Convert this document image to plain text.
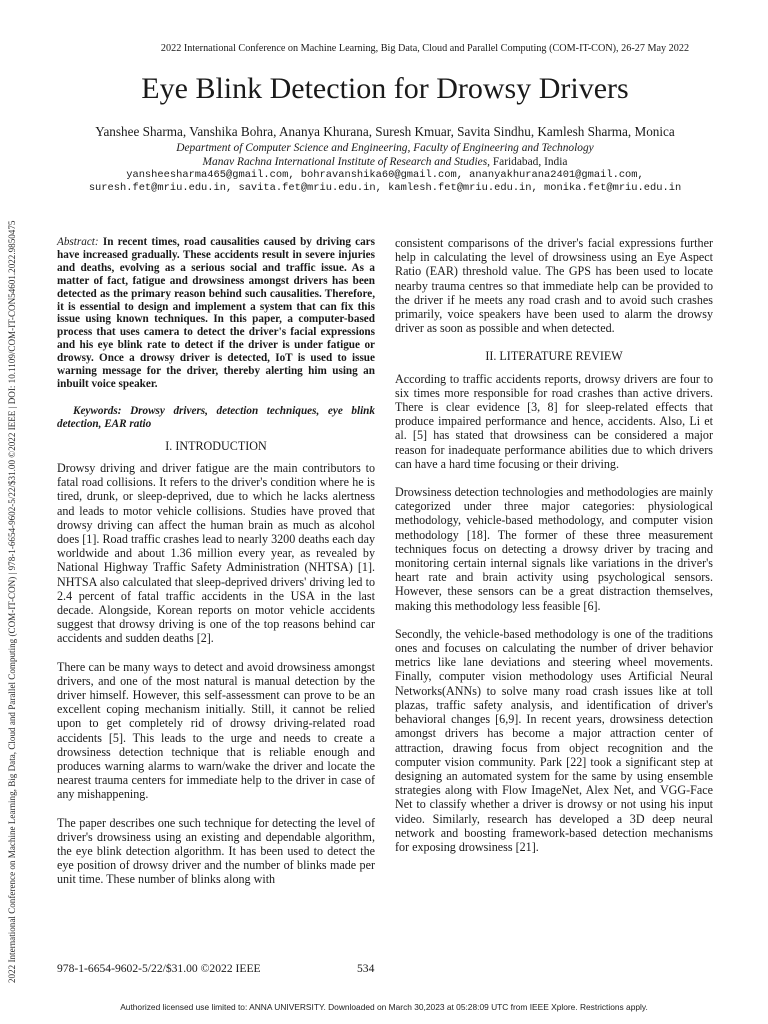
2022 International Conference on Machine Learning, Big Data, Cloud and Parallel Computing (COM-IT-CON), 26-27 May 2022
2022 International Conference on Machine Learning, Big Data, Cloud and Parallel Computing (COM-IT-CON) | 978-1-6654-9602-5/22/$31.00 ©2022 IEEE | DOI: 10.1109/COM-IT-CON54601.2022.9850475
Eye Blink Detection for Drowsy Drivers
Yanshee Sharma, Vanshika Bohra, Ananya Khurana, Suresh Kmuar, Savita Sindhu, Kamlesh Sharma, Monica
Department of Computer Science and Engineering, Faculty of Engineering and Technology
Manav Rachna International Institute of Research and Studies, Faridabad, India
yansheesharma465@gmail.com, bohravanshika60@gmail.com, ananyakhurana2401@gmail.com,
suresh.fet@mriu.edu.in, savita.fet@mriu.edu.in, kamlesh.fet@mriu.edu.in, monika.fet@mriu.edu.in

Abstract: In recent times, road causalities caused by driving cars have increased gradually. These accidents result in severe injuries and deaths, evolving as a serious social and traffic issue. As a matter of fact, fatigue and drowsiness amongst drivers has been detected as the primary reason behind such causalities. Therefore, it is essential to design and implement a system that can fix this issue using known techniques. In this paper, a computer-based process that uses camera to detect the driver's facial expressions and his eye blink rate to detect if the driver is under fatigue or drowsy. Once a drowsy driver is detected, IoT is used to issue warning message for the driver, thereby alerting him using an inbuilt voice speaker.

Keywords: Drowsy drivers, detection techniques, eye blink detection, EAR ratio

I. INTRODUCTION

Drowsy driving and driver fatigue are the main contributors to fatal road collisions. It refers to the driver's condition where he is tired, drunk, or sleep-deprived, due to which he lacks alertness and leads to motor vehicle collisions. Studies have proved that drowsy driving can affect the human brain as much as alcohol does [1]. Road traffic crashes lead to nearly 3200 deaths each day worldwide and about 1.36 million every year, as revealed by National Highway Traffic Safety Administration (NHTSA) [1]. NHTSA also calculated that sleep-deprived drivers' driving led to 2.4 percent of fatal traffic accidents in the USA in the last decade. Alongside, Korean reports on motor vehicle accidents suggest that drowsy driving is one of the top reasons behind car accidents and sudden deaths [2].

There can be many ways to detect and avoid drowsiness amongst drivers, and one of the most natural is manual detection by the driver himself. However, this self-assessment can prove to be an excellent coping mechanism initially. Still, it cannot be relied upon to get completely rid of drowsy driving-related road accidents [5]. This leads to the urge and needs to create a drowsiness detection technique that is reliable enough and produces warning alarms to warn/wake the driver and locate the nearest trauma centers for immediate help to the driver in case of any mishappening.

The paper describes one such technique for detecting the level of driver's drowsiness using an existing and dependable algorithm, the eye blink detection algorithm. It has been used to detect the eye position of drowsy driver and the number of blinks made per unit time. These number of blinks along with

consistent comparisons of the driver's facial expressions further help in calculating the level of drowsiness using an Eye Aspect Ratio (EAR) threshold value. The GPS has been used to locate nearby trauma centres so that immediate help can be provided to the driver if he meets any road crash and to avoid such crashes primarily, voice speakers have been used to alarm the drowsy driver as soon as possible and when detected.

II. LITERATURE REVIEW

According to traffic accidents reports, drowsy drivers are four to six times more responsible for road crashes than active drivers. There is clear evidence [3, 8] for sleep-related effects that produce impaired performance and hence, accidents. Also, Li et al. [5] has stated that drowsiness can be considered a major reason for inadequate performance abilities due to which drivers can have a hard time focusing or their driving.

Drowsiness detection technologies and methodologies are mainly categorized under three major categories: physiological methodology, vehicle-based methodology, and computer vision methodology [18]. The former of these three measurement techniques focus on detecting a drowsy driver by tracing and monitoring certain internal signals like variations in the driver's heart rate and brain activity using psychological sensors. However, these sensors can be a great distraction themselves, making this methodology less feasible [6].

Secondly, the vehicle-based methodology is one of the traditions ones and focuses on calculating the number of driver behavior metrics like lane deviations and steering wheel movements. Finally, computer vision methodology uses Artificial Neural Networks(ANNs) to solve many road crash issues like at toll plazas, traffic safety analysis, and identification of driver's behavioral changes [6,9]. In recent years, drowsiness detection amongst drivers has become a major attraction center of attraction, drawing focus from object recognition and the computer vision community. Park [22] took a significant step at designing an automated system for the same by using ensemble strategies along with Flow ImageNet, Alex Net, and VGG-Face Net to classify whether a driver is drowsy or not using his input video. Similarly, research has developed a 3D deep neural network and boosting framework-based detection mechanisms for exposing drowsiness [21].

978-1-6654-9602-5/22/$31.00 ©2022 IEEE	534
Authorized licensed use limited to: ANNA UNIVERSITY. Downloaded on March 30,2023 at 05:28:09 UTC from IEEE Xplore. Restrictions apply.
